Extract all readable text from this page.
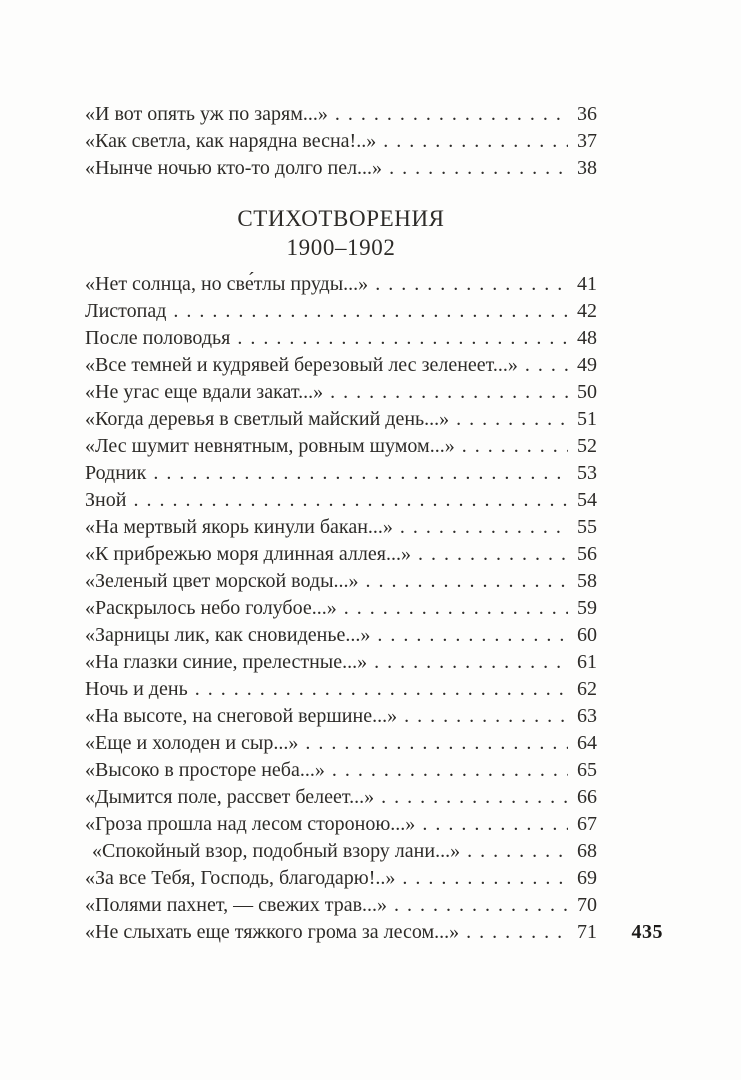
«И вот опять уж по зарям...» . . .	36
«Как светла, как нарядна весна!..» . . .	37
«Нынче ночью кто-то долго пел...» . . .	38
СТИХОТВОРЕНИЯ
1900–1902
«Нет солнца, но све́тлы пруды...» . . .	41
Листопад . . .	42
После половодья . . .	48
«Все темней и кудрявей березовый лес зеленеет...» . . .	49
«Не угас еще вдали закат...» . . .	50
«Когда деревья в светлый майский день...» . . .	51
«Лес шумит невнятным, ровным шумом...» . . .	52
Родник . . .	53
Зной . . .	54
«На мертвый якорь кинули бакан...» . . .	55
«К прибрежью моря длинная аллея...» . . .	56
«Зеленый цвет морской воды...» . . .	58
«Раскрылось небо голубое...» . . .	59
«Зарницы лик, как сновиденье...» . . .	60
«На глазки синие, прелестные...» . . .	61
Ночь и день . . .	62
«На высоте, на снеговой вершине...» . . .	63
«Еще и холоден и сыр...» . . .	64
«Высоко в просторе неба...» . . .	65
«Дымится поле, рассвет белеет...» . . .	66
«Гроза прошла над лесом стороною...» . . .	67
«Спокойный взор, подобный взору лани...» . . .	68
«За все Тебя, Господь, благодарю!..» . . .	69
«Полями пахнет, — свежих трав...» . . .	70
«Не слыхать еще тяжкого грома за лесом...» . . .	71 435
